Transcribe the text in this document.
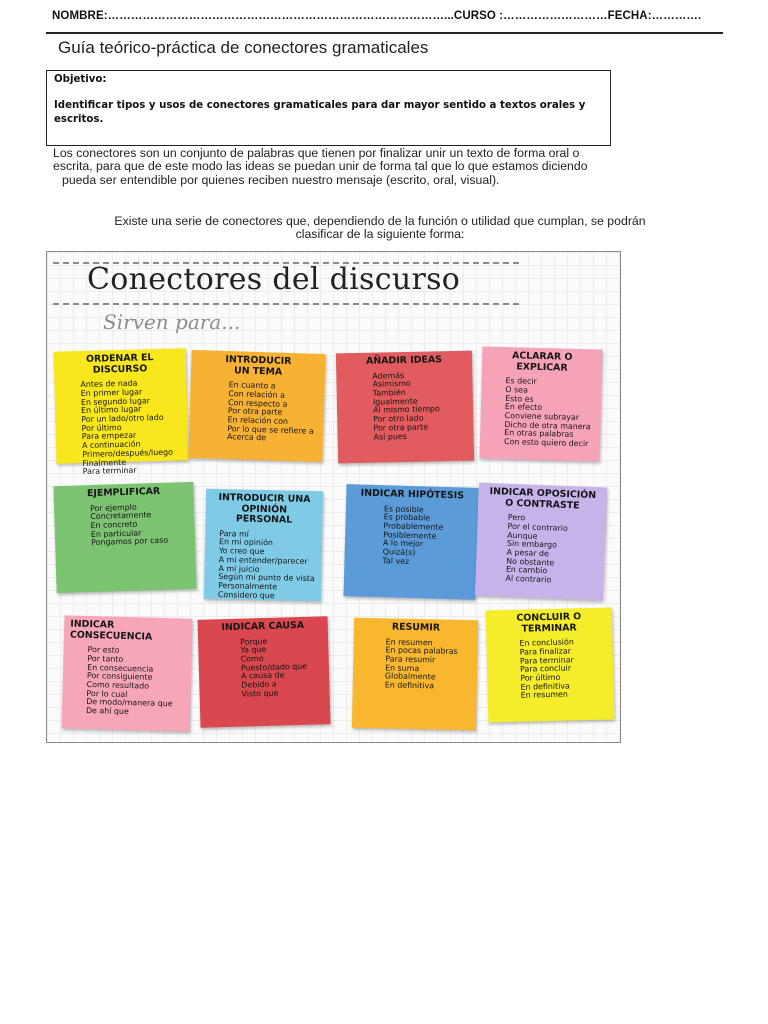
NOMBRE:……………………………………………………………………………...CURSO :………………………FECHA:………….
Guía teórico-práctica de conectores gramaticales
Objetivo:
Identificar tipos y usos de conectores gramaticales para dar mayor sentido a textos orales y escritos.
Los conectores son un conjunto de palabras que tienen por finalizar unir un texto de forma oral o
escrita, para que de este modo las ideas se puedan unir de forma tal que lo que estamos diciendo
pueda ser entendible por quienes reciben nuestro mensaje (escrito, oral, visual).
Existe una serie de conectores que, dependiendo de la función o utilidad que cumplan, se podrán
clasificar de la siguiente forma:
Conectores del discurso
Sirven para...
ORDENAR EL
DISCURSO
Antes de nada
En primer lugar
En segundo lugar
En último lugar
Por un lado/otro lado
Por último
Para empezar
A continuación
Primero/después/luego
Finalmente
Para terminar
INTRODUCIR
UN TEMA
En cuanto a
Con relación a
Con respecto a
Por otra parte
En relación con
Por lo que se refiere a
Acerca de
AÑADIR IDEAS
Además
Asimismo
También
Igualmente
Al mismo tiempo
Por otro lado
Por otra parte
Así pues
ACLARAR O
EXPLICAR
Es decir
O sea
Esto es
En efecto
Conviene subrayar
Dicho de otra manera
En otras palabras
Con esto quiero decir
EJEMPLIFICAR
Por ejemplo
Concretamente
En concreto
En particular
Pongamos por caso
INTRODUCIR UNA
OPINIÓN PERSONAL
Para mí
En mi opinión
Yo creo que
A mi entender/parecer
A mi juicio
Según mi punto de vista
Personalmente
Considero que
INDICAR HIPÓTESIS
Es posible
Es probable
Probablemente
Posiblemente
A lo mejor
Quizá(s)
Tal vez
INDICAR OPOSICIÓN
O CONTRASTE
Pero
Por el contrario
Aunque
Sin embargo
A pesar de
No obstante
En cambio
Al contrario
INDICAR
CONSECUENCIA
Por esto
Por tanto
En consecuencia
Por consiguiente
Como resultado
Por lo cual
De modo/manera que
De ahí que
INDICAR CAUSA
Porque
Ya que
Como
Puesto/dado que
A causa de
Debido a
Visto que
RESUMIR
En resumen
En pocas palabras
Para resumir
En suma
Globalmente
En definitiva
CONCLUIR O
TERMINAR
En conclusión
Para finalizar
Para terminar
Para concluir
Por último
En definitiva
En resumen
